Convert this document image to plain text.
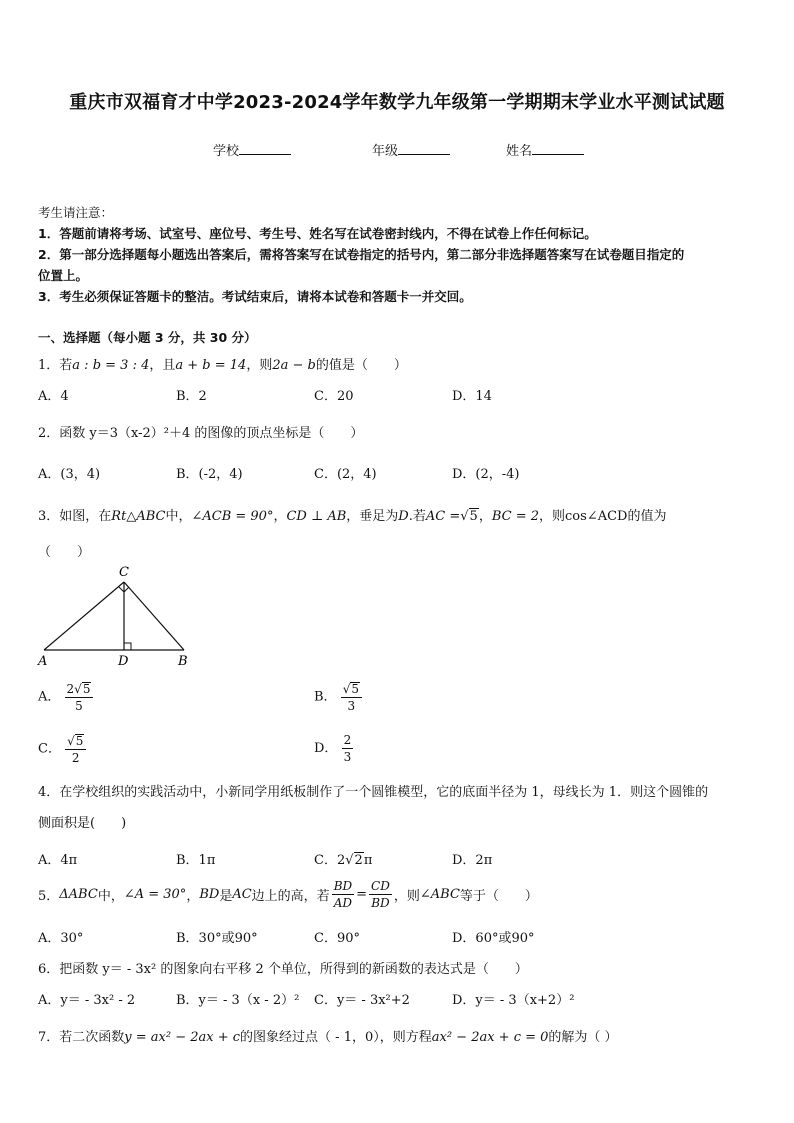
重庆市双福育才中学2023-2024学年数学九年级第一学期期末学业水平测试试题
学校	年级	姓名
考生请注意：
1．答题前请将考场、试室号、座位号、考生号、姓名写在试卷密封线内，不得在试卷上作任何标记。
2．第一部分选择题每小题选出答案后，需将答案写在试卷指定的括号内，第二部分非选择题答案写在试卷题目指定的
位置上。
3．考生必须保证答题卡的整洁。考试结束后，请将本试卷和答题卡一并交回。
一、选择题（每小题 3 分，共 30 分）
1．若a : b = 3 : 4，且a + b = 14，则2a − b的值是（　　）
A．4	B．2	C．20	D．14
2．函数 y＝3（x-2）²＋4 的图像的顶点坐标是（　　）
A．(3，4)	B．(-2，4)	C．(2，4)	D．(2，-4)
3．如图，在Rt△ABC中，∠ACB = 90°，CD ⊥ AB，垂足为D.若AC =√ 5 ，BC = 2，则cos∠ACD的值为
（　　）
C
A	D	B
A． $\frac{2√ 5}{5}$	B． $\frac{√ 5}{3}$
C． $\frac{√ 5}{2}$	D． $\frac{2}{3}$
4．在学校组织的实践活动中，小新同学用纸板制作了一个圆锥模型，它的底面半径为 1，母线长为 1．则这个圆锥的
侧面积是(　　)
A．4π	B．1π	C．2√ 2 π	D．2π
5． ΔABC 中， ∠A = 30° ， BD 是 AC 边上的高，若 $\frac{BD}{AD} = \frac{CD}{BD}$ ，则 ∠ABC 等于（　　）
A．30°	B．30°或90°	C．90°	D．60°或90°
6．把函数 y＝ - 3x² 的图象向右平移 2 个单位，所得到的新函数的表达式是（　　）
A．y＝ - 3x² - 2	B．y＝ - 3（x - 2）² C．y＝ - 3x²+2	D．y＝ - 3（x+2）²
7．若二次函数y = ax² − 2ax + c的图象经过点（ - 1，0），则方程ax² − 2ax + c = 0的解为（ ）
